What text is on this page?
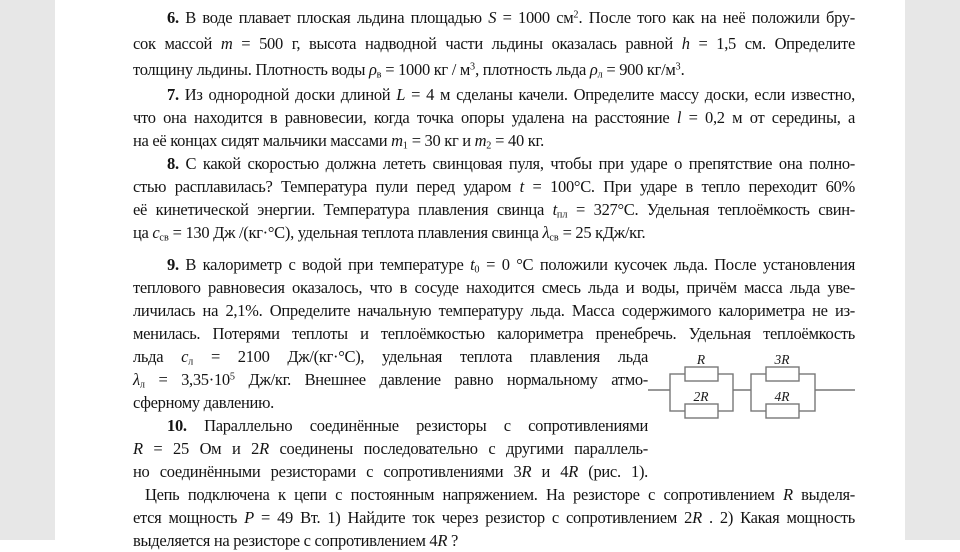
6. В воде плавает плоская льдина площадью S = 1000 $см^2$. После того как на неё положили бру-
сок массой m = 500 г, высота надводной части льдины оказалась равной h = 1,5 см. Определите
толщину льдины. Плотность воды $\rho_в = 1000$ кг / $м^3$, плотность льда $\rho_л = 900$ $кг/м^3$.
7. Из однородной доски длиной L = 4 м сделаны качели. Определите массу доски, если известно,
что она находится в равновесии, когда точка опоры удалена на расстояние l = 0,2 м от середины, а
на её концах сидят мальчики массами $m_1 = 30$ кг и $m_2 = 40$ кг.
8. С какой скоростью должна лететь свинцовая пуля, чтобы при ударе о препятствие она полно-
стью расплавилась? Температура пули перед ударом t = 100°С. При ударе в тепло переходит 60%
её кинетической энергии. Температура плавления свинца $t_{пл} = 327^\circ С$. Удельная теплоёмкость свин-
ца $c_{св} = 130$ Дж /(кг·°С), удельная теплота плавления свинца $\lambda_{св} = 25$ кДж/кг.
9. В калориметр с водой при температуре $t_0 = 0$ °С положили кусочек льда. После установления
теплового равновесия оказалось, что в сосуде находится смесь льда и воды, причём масса льда уве-
личилась на 2,1%. Определите начальную температуру льда. Масса содержимого калориметра не из-
менилась. Потерями теплоты и теплоёмкостью калориметра пренебречь. Удельная теплоёмкость
льда $c_л = 2100$ Дж/(кг·°С), удельная теплота плавления льда
$\lambda_л = 3,35\cdot 10^5$ Дж/кг. Внешнее давление равно нормальному атмо-
сферному давлению.
10. Параллельно соединённые резисторы с сопротивлениями
R = 25 Ом и 2R соединены последовательно с другими параллель-
но соединёнными резисторами с сопротивлениями 3R и 4R (рис. 1).
R
2R
3R
4R
Цепь подключена к цепи с постоянным напряжением. На резисторе с сопротивлением R выделя-
ется мощность P = 49 Вт. 1) Найдите ток через резистор с сопротивлением 2R . 2) Какая мощность
выделяется на резисторе с сопротивлением 4R ?
